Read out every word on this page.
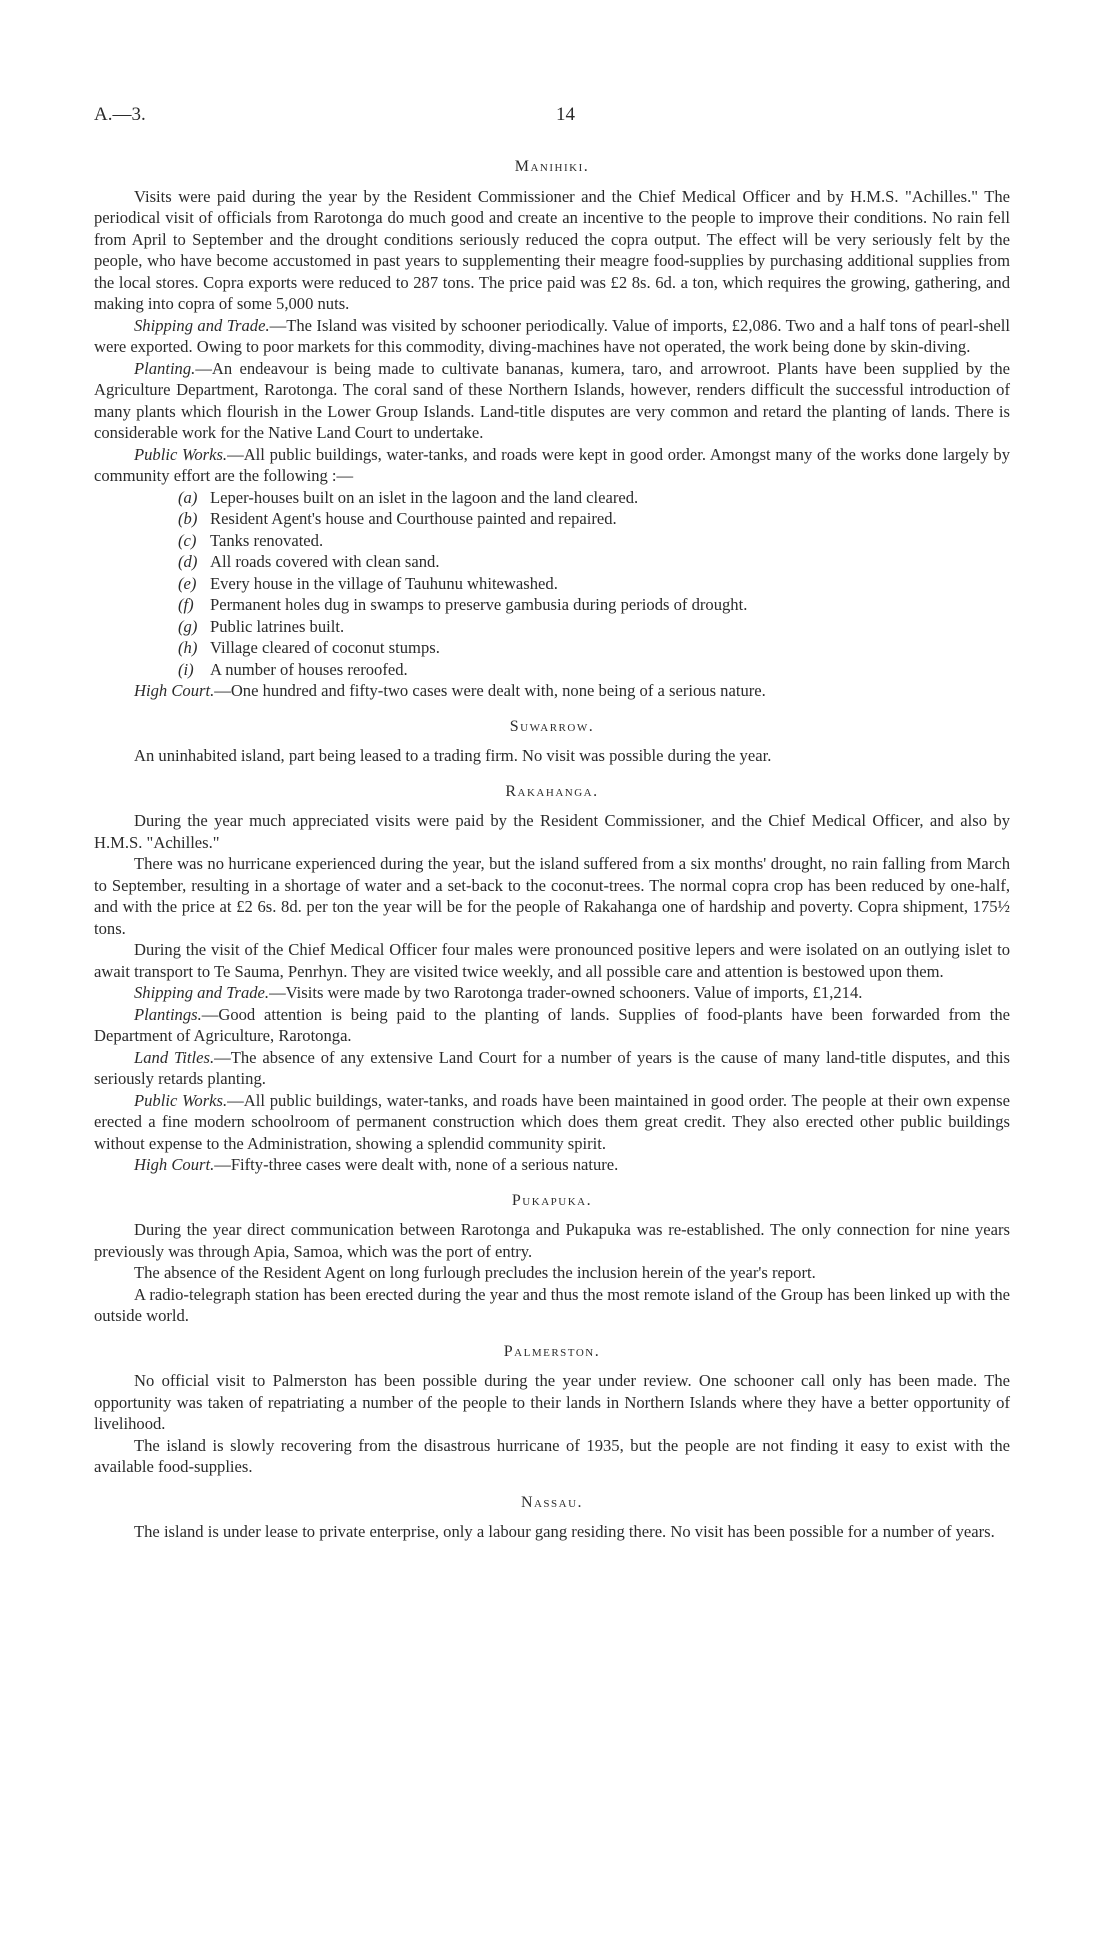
A.—3.	14
Manihiki.

Visits were paid during the year by the Resident Commissioner and the Chief Medical Officer and by H.M.S. "Achilles." The periodical visit of officials from Rarotonga do much good and create an incentive to the people to improve their conditions. No rain fell from April to September and the drought conditions seriously reduced the copra output. The effect will be very seriously felt by the people, who have become accustomed in past years to supplementing their meagre food-supplies by purchasing additional supplies from the local stores. Copra exports were reduced to 287 tons. The price paid was £2 8s. 6d. a ton, which requires the growing, gathering, and making into copra of some 5,000 nuts.

Shipping and Trade.—The Island was visited by schooner periodically. Value of imports, £2,086. Two and a half tons of pearl-shell were exported. Owing to poor markets for this commodity, diving-machines have not operated, the work being done by skin-diving.

Planting.—An endeavour is being made to cultivate bananas, kumera, taro, and arrowroot. Plants have been supplied by the Agriculture Department, Rarotonga. The coral sand of these Northern Islands, however, renders difficult the successful introduction of many plants which flourish in the Lower Group Islands. Land-title disputes are very common and retard the planting of lands. There is considerable work for the Native Land Court to undertake.

Public Works.—All public buildings, water-tanks, and roads were kept in good order. Amongst many of the works done largely by community effort are the following :—

(a) Leper-houses built on an islet in the lagoon and the land cleared.
(b) Resident Agent's house and Courthouse painted and repaired.
(c) Tanks renovated.
(d) All roads covered with clean sand.
(e) Every house in the village of Tauhunu whitewashed.
(f) Permanent holes dug in swamps to preserve gambusia during periods of drought.
(g) Public latrines built.
(h) Village cleared of coconut stumps.
(i) A number of houses reroofed.

High Court.—One hundred and fifty-two cases were dealt with, none being of a serious nature.

Suwarrow.

An uninhabited island, part being leased to a trading firm. No visit was possible during the year.

Rakahanga.

During the year much appreciated visits were paid by the Resident Commissioner, and the Chief Medical Officer, and also by H.M.S. "Achilles."

There was no hurricane experienced during the year, but the island suffered from a six months' drought, no rain falling from March to September, resulting in a shortage of water and a set-back to the coconut-trees. The normal copra crop has been reduced by one-half, and with the price at £2 6s. 8d. per ton the year will be for the people of Rakahanga one of hardship and poverty. Copra shipment, 175½ tons.

During the visit of the Chief Medical Officer four males were pronounced positive lepers and were isolated on an outlying islet to await transport to Te Sauma, Penrhyn. They are visited twice weekly, and all possible care and attention is bestowed upon them.

Shipping and Trade.—Visits were made by two Rarotonga trader-owned schooners. Value of imports, £1,214.

Plantings.—Good attention is being paid to the planting of lands. Supplies of food-plants have been forwarded from the Department of Agriculture, Rarotonga.

Land Titles.—The absence of any extensive Land Court for a number of years is the cause of many land-title disputes, and this seriously retards planting.

Public Works.—All public buildings, water-tanks, and roads have been maintained in good order. The people at their own expense erected a fine modern schoolroom of permanent construction which does them great credit. They also erected other public buildings without expense to the Administration, showing a splendid community spirit.

High Court.—Fifty-three cases were dealt with, none of a serious nature.

Pukapuka.

During the year direct communication between Rarotonga and Pukapuka was re-established. The only connection for nine years previously was through Apia, Samoa, which was the port of entry.

The absence of the Resident Agent on long furlough precludes the inclusion herein of the year's report.

A radio-telegraph station has been erected during the year and thus the most remote island of the Group has been linked up with the outside world.

Palmerston.

No official visit to Palmerston has been possible during the year under review. One schooner call only has been made. The opportunity was taken of repatriating a number of the people to their lands in Northern Islands where they have a better opportunity of livelihood.

The island is slowly recovering from the disastrous hurricane of 1935, but the people are not finding it easy to exist with the available food-supplies.

Nassau.

The island is under lease to private enterprise, only a labour gang residing there. No visit has been possible for a number of years.
